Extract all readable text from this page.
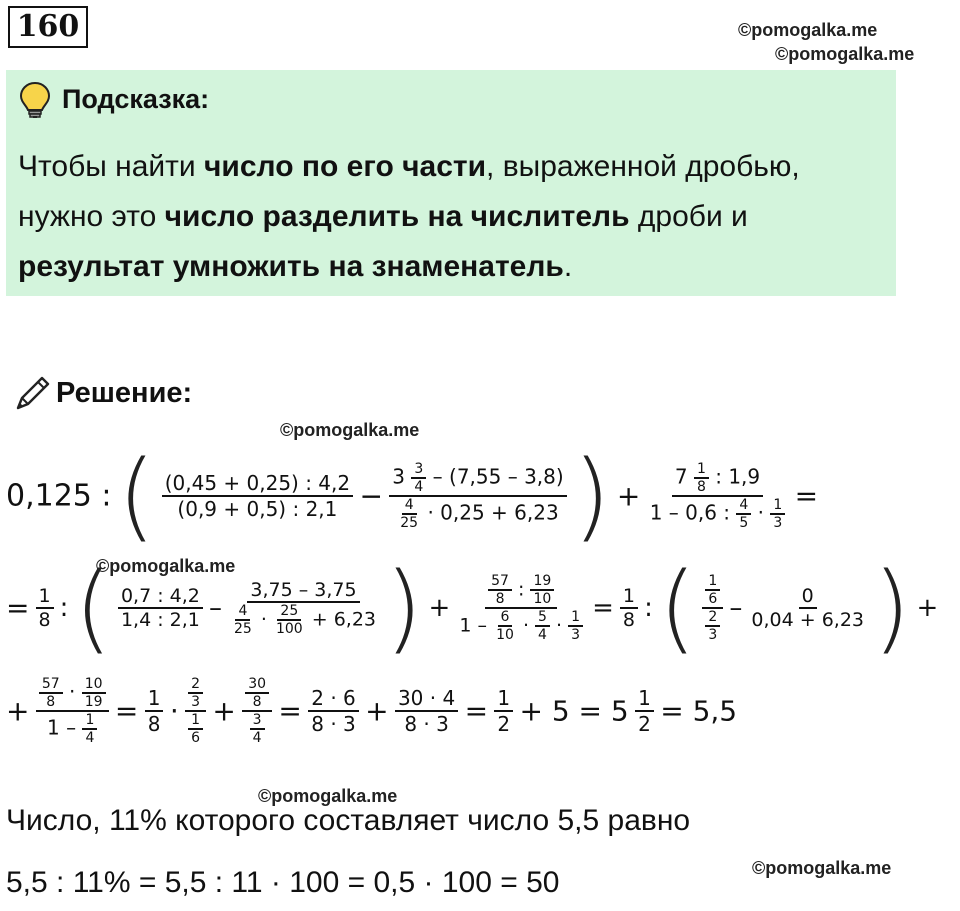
160	©pomogalka.me
©pomogalka.me
Подсказка:
Чтобы найти число по его части, выраженной дробью,
нужно это число разделить на числитель дроби и
результат умножить на знаменатель.
Решение:
©pomogalka.me
0,125 : ( $\frac{(0,45 + 0,25) : 4,2}{(0,9 + 0,5) : 2,1} - \frac{3 \frac{3}{4} - (7,55 - 3,8)}{\frac{4}{25} \cdot 0,25 + 6,23}$ ) + $\frac{7 \frac{1}{8} : 1,9}{1 - 0,6 : \frac{4}{5} \cdot \frac{1}{3}}$ =
©pomogalka.me
= $\frac{1}{8}$ : ( $\frac{0,7 : 4,2}{1,4 : 2,1} - \frac{3,75 - 3,75}{\frac{4}{25} \cdot \frac{25}{100} + 6,23}$ ) + $\frac{\frac{57}{8} : \frac{19}{10}}{1 - \frac{6}{10} \cdot \frac{5}{4} \cdot \frac{1}{3}} = \frac{1}{8}$ : ( $\frac{\frac{1}{6}}{\frac{2}{3}} - \frac{0}{0,04 + 6,23}$ ) +
+ $\frac{\frac{57}{8} \cdot \frac{10}{19}}{1 - \frac{1}{4}} = \frac{1}{8} \cdot \frac{\frac{2}{3}}{\frac{1}{6}} + \frac{\frac{30}{8}}{\frac{3}{4}} = \frac{2 \cdot 6}{8 \cdot 3} + \frac{30 \cdot 4}{8 \cdot 3} = \frac{1}{2} + 5 = 5 \frac{1}{2} = 5,5$
©pomogalka.me
Число, 11% которого составляет число 5,5 равно
©pomogalka.me
5,5 : 11% = 5,5 : 11 · 100 = 0,5 · 100 = 50
